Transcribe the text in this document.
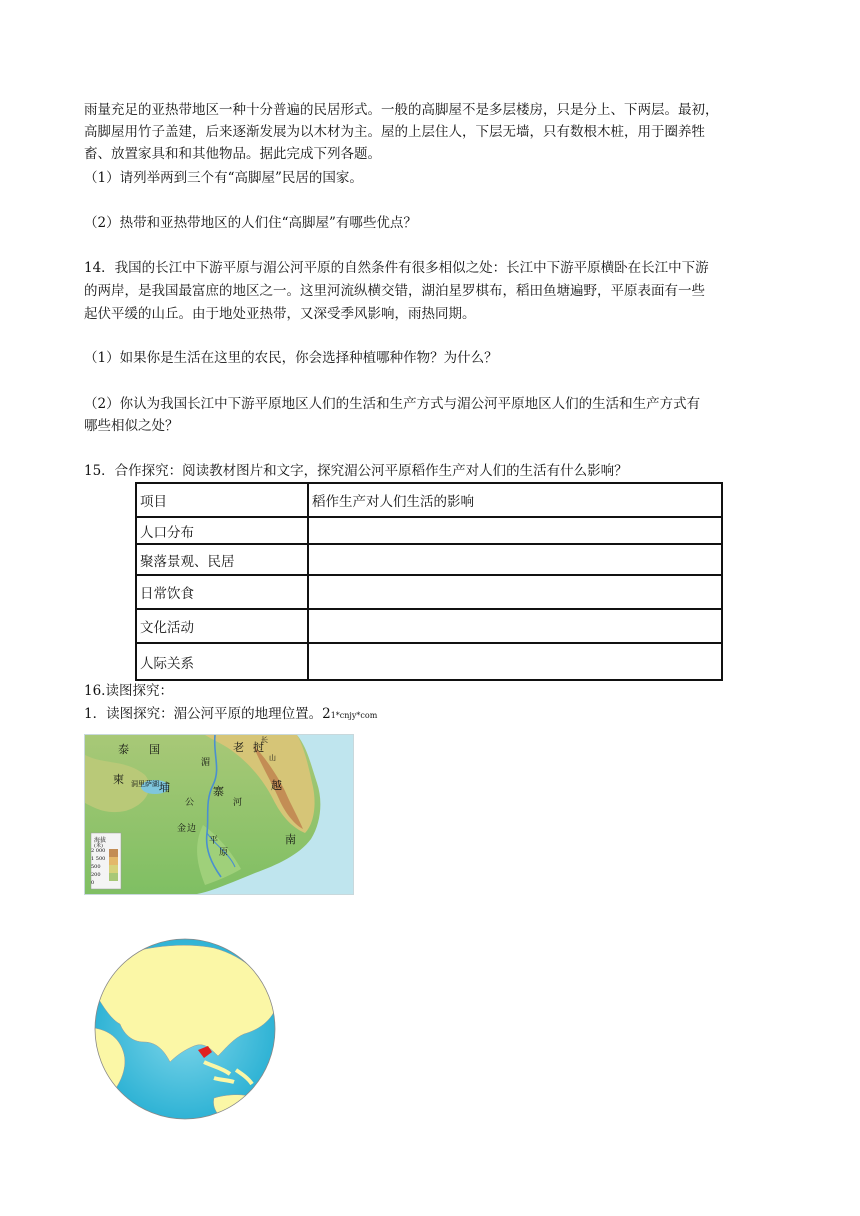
雨量充足的亚热带地区一种十分普遍的民居形式。一般的高脚屋不是多层楼房，只是分上、下两层。最初，
高脚屋用竹子盖建，后来逐渐发展为以木材为主。屋的上层住人，下层无墙，只有数根木桩，用于圈养牲
畜、放置家具和和其他物品。据此完成下列各题。
（1）请列举两到三个有“高脚屋”民居的国家。
（2）热带和亚热带地区的人们住“高脚屋”有哪些优点？
14．我国的长江中下游平原与湄公河平原的自然条件有很多相似之处：长江中下游平原横卧在长江中下游
的两岸，是我国最富庶的地区之一。这里河流纵横交错，湖泊星罗棋布，稻田鱼塘遍野，平原表面有一些
起伏平缓的山丘。由于地处亚热带，又深受季风影响，雨热同期。
（1）如果你是生活在这里的农民，你会选择种植哪种作物？为什么？
（2）你认为我国长江中下游平原地区人们的生活和生产方式与湄公河平原地区人们的生活和生产方式有
哪些相似之处？
15．合作探究：阅读教材图片和文字，探究湄公河平原稻作生产对人们的生活有什么影响？
项目	稻作生产对人们生活的影响
人口分布	
聚落景观、民居	
日常饮食	
文化活动	
人际关系	
16.读图探究：
1．读图探究：湄公河平原的地理位置。21*cnjy*com
泰 国	老 挝
长
山
柬
埔	寨
湄
公	河
越
南
金 边
洞 里 萨 湖
平
原
海拔
(米)
2 000
1 500
500
200
0
